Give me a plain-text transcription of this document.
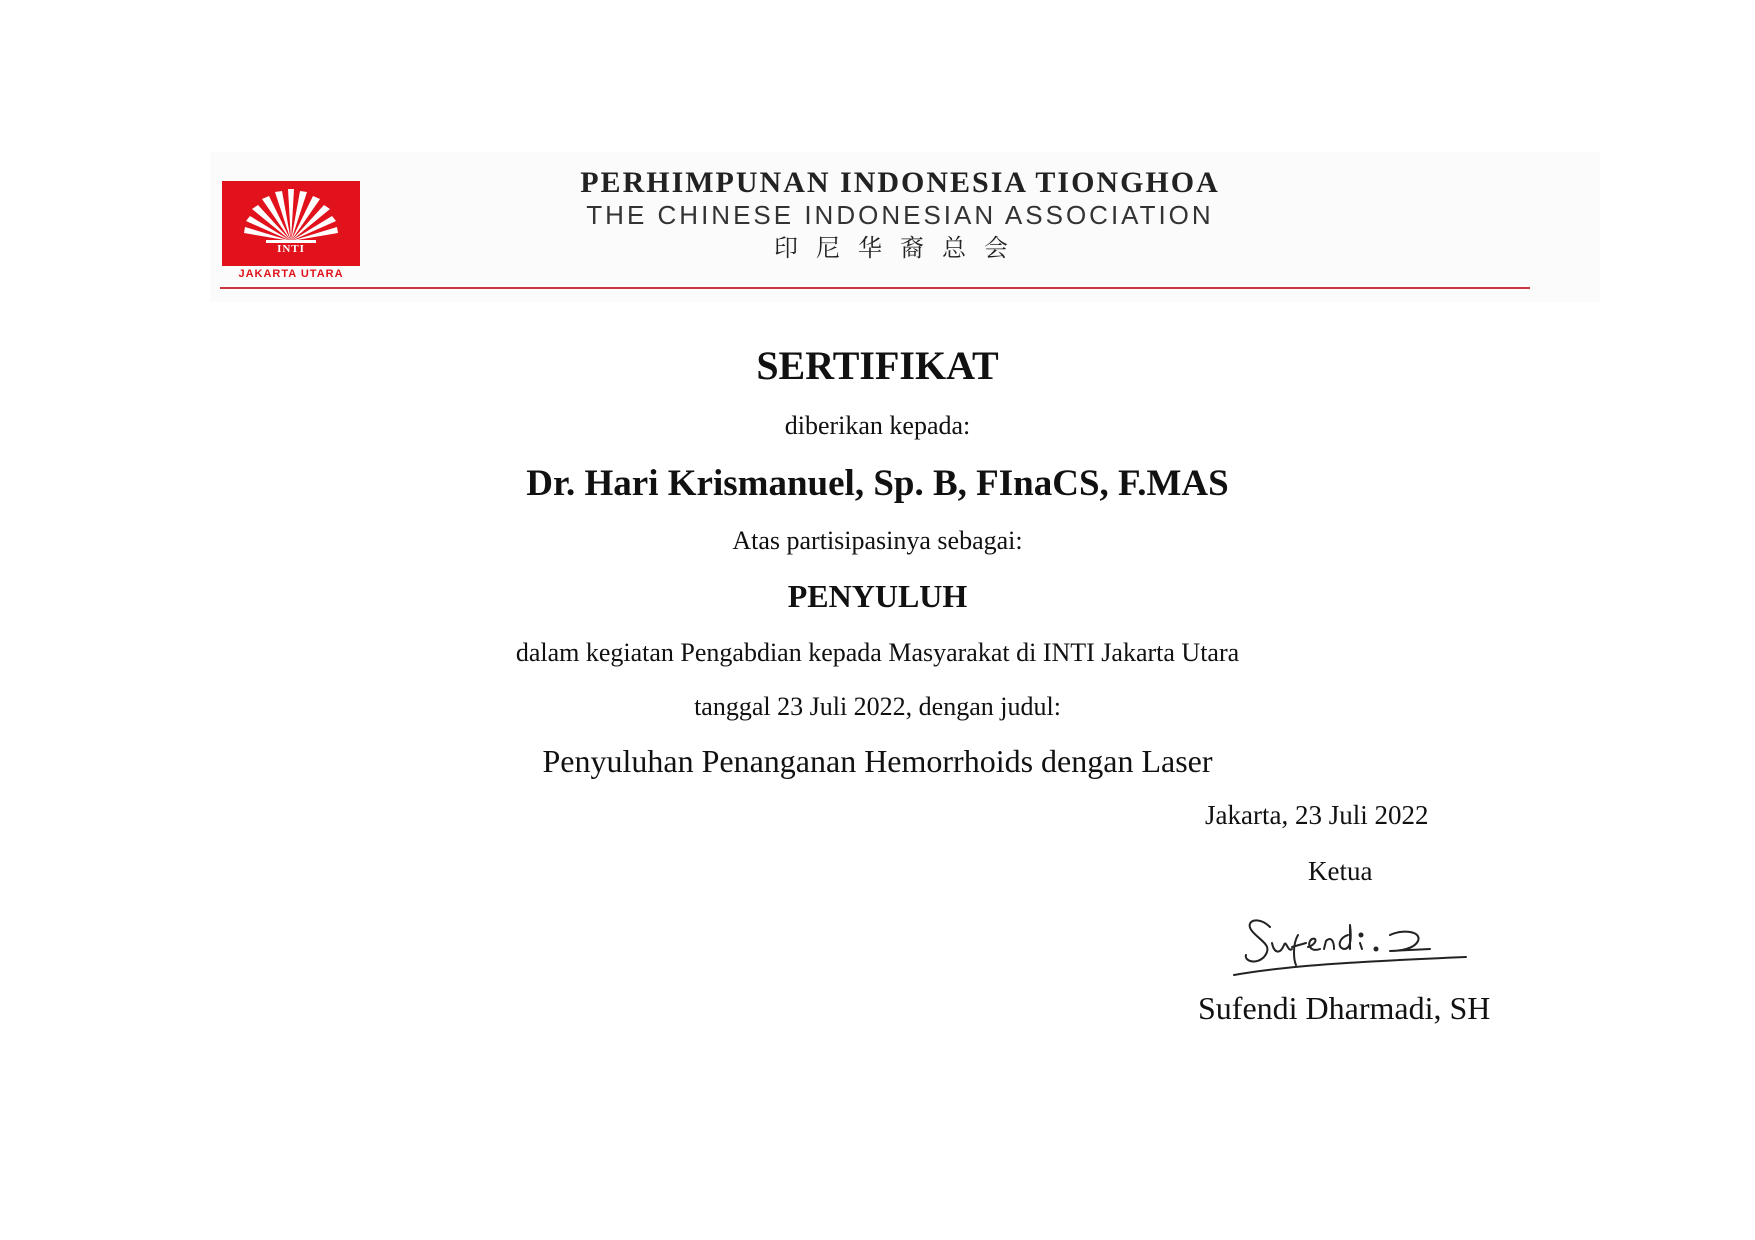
INTI
JAKARTA UTARA
PERHIMPUNAN INDONESIA TIONGHOA
THE CHINESE INDONESIAN ASSOCIATION
印尼华裔总会
SERTIFIKAT
diberikan kepada:
Dr. Hari Krismanuel, Sp. B, FInaCS, F.MAS
Atas partisipasinya sebagai:
PENYULUH
dalam kegiatan Pengabdian kepada Masyarakat di INTI Jakarta Utara
tanggal 23 Juli 2022, dengan judul:
Penyuluhan Penanganan Hemorrhoids dengan Laser
Jakarta, 23 Juli 2022
Ketua
Sufendi Dharmadi, SH
